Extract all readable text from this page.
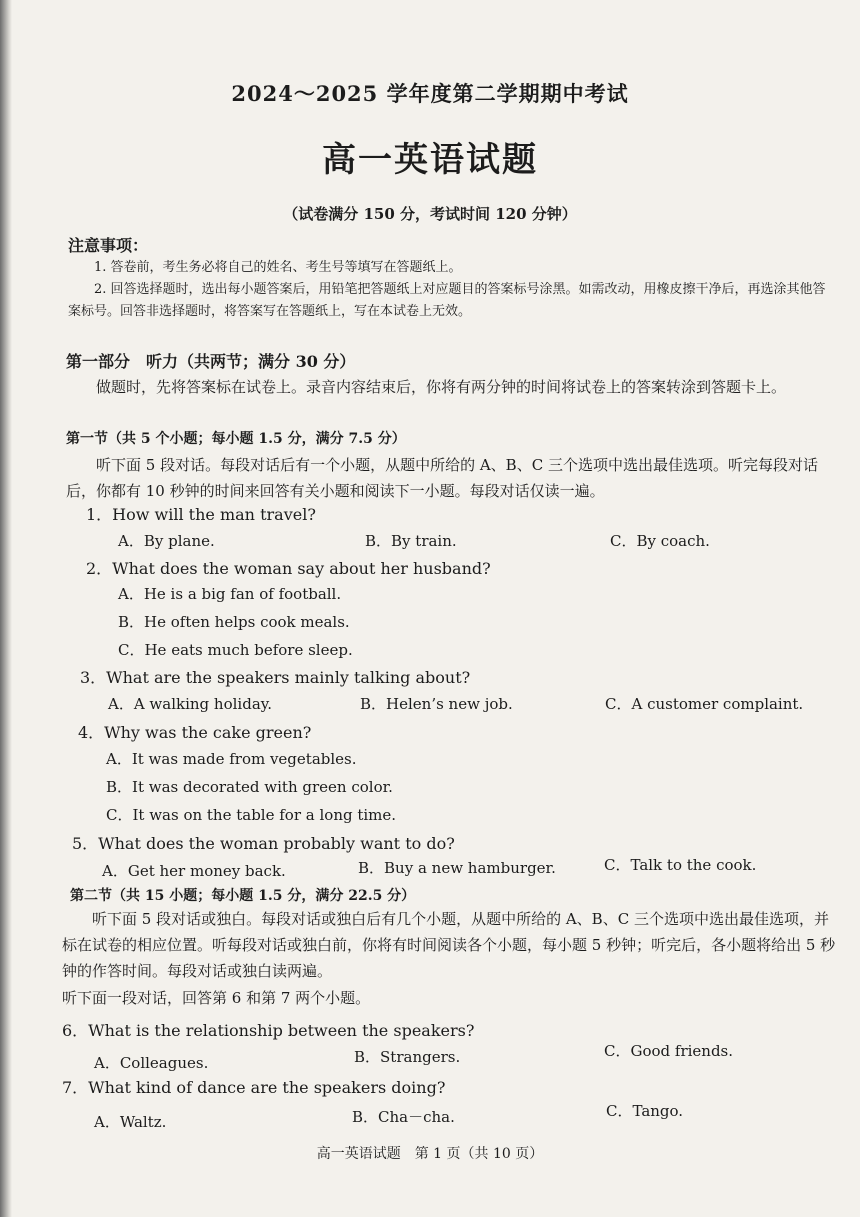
2024～2025 学年度第二学期期中考试
高一英语试题
（试卷满分 150 分，考试时间 120 分钟）
注意事项：
1. 答卷前，考生务必将自己的姓名、考生号等填写在答题纸上。
2. 回答选择题时，选出每小题答案后，用铅笔把答题纸上对应题目的答案标号涂黑。如需改动，用橡皮擦干净后，再选涂其他答案标号。回答非选择题时，将答案写在答题纸上，写在本试卷上无效。
第一部分　听力（共两节；满分 30 分）
做题时，先将答案标在试卷上。录音内容结束后，你将有两分钟的时间将试卷上的答案转涂到答题卡上。
第一节（共 5 个小题；每小题 1.5 分，满分 7.5 分）
听下面 5 段对话。每段对话后有一个小题，从题中所给的 A、B、C 三个选项中选出最佳选项。听完每段对话后，你都有 10 秒钟的时间来回答有关小题和阅读下一小题。每段对话仅读一遍。
1．How will the man travel?
A．By plane.	B．By train.	C．By coach.
2．What does the woman say about her husband?
A．He is a big fan of football.
B．He often helps cook meals.
C．He eats much before sleep.
3．What are the speakers mainly talking about?
A．A walking holiday.	B．Helen’s new job.	C．A customer complaint.
4．Why was the cake green?
A．It was made from vegetables.
B．It was decorated with green color.
C．It was on the table for a long time.
5．What does the woman probably want to do?
A．Get her money back.	B．Buy a new hamburger.	C．Talk to the cook.
第二节（共 15 小题；每小题 1.5 分，满分 22.5 分）
听下面 5 段对话或独白。每段对话或独白后有几个小题，从题中所给的 A、B、C 三个选项中选出最佳选项，并标在试卷的相应位置。听每段对话或独白前，你将有时间阅读各个小题，每小题 5 秒钟；听完后，各小题将给出 5 秒钟的作答时间。每段对话或独白读两遍。
听下面一段对话，回答第 6 和第 7 两个小题。
6．What is the relationship between the speakers?
A．Colleagues.	B．Strangers.	C．Good friends.
7．What kind of dance are the speakers doing?
A．Waltz.	B．Cha－cha.	C．Tango.
高一英语试题　第 1 页（共 10 页）
